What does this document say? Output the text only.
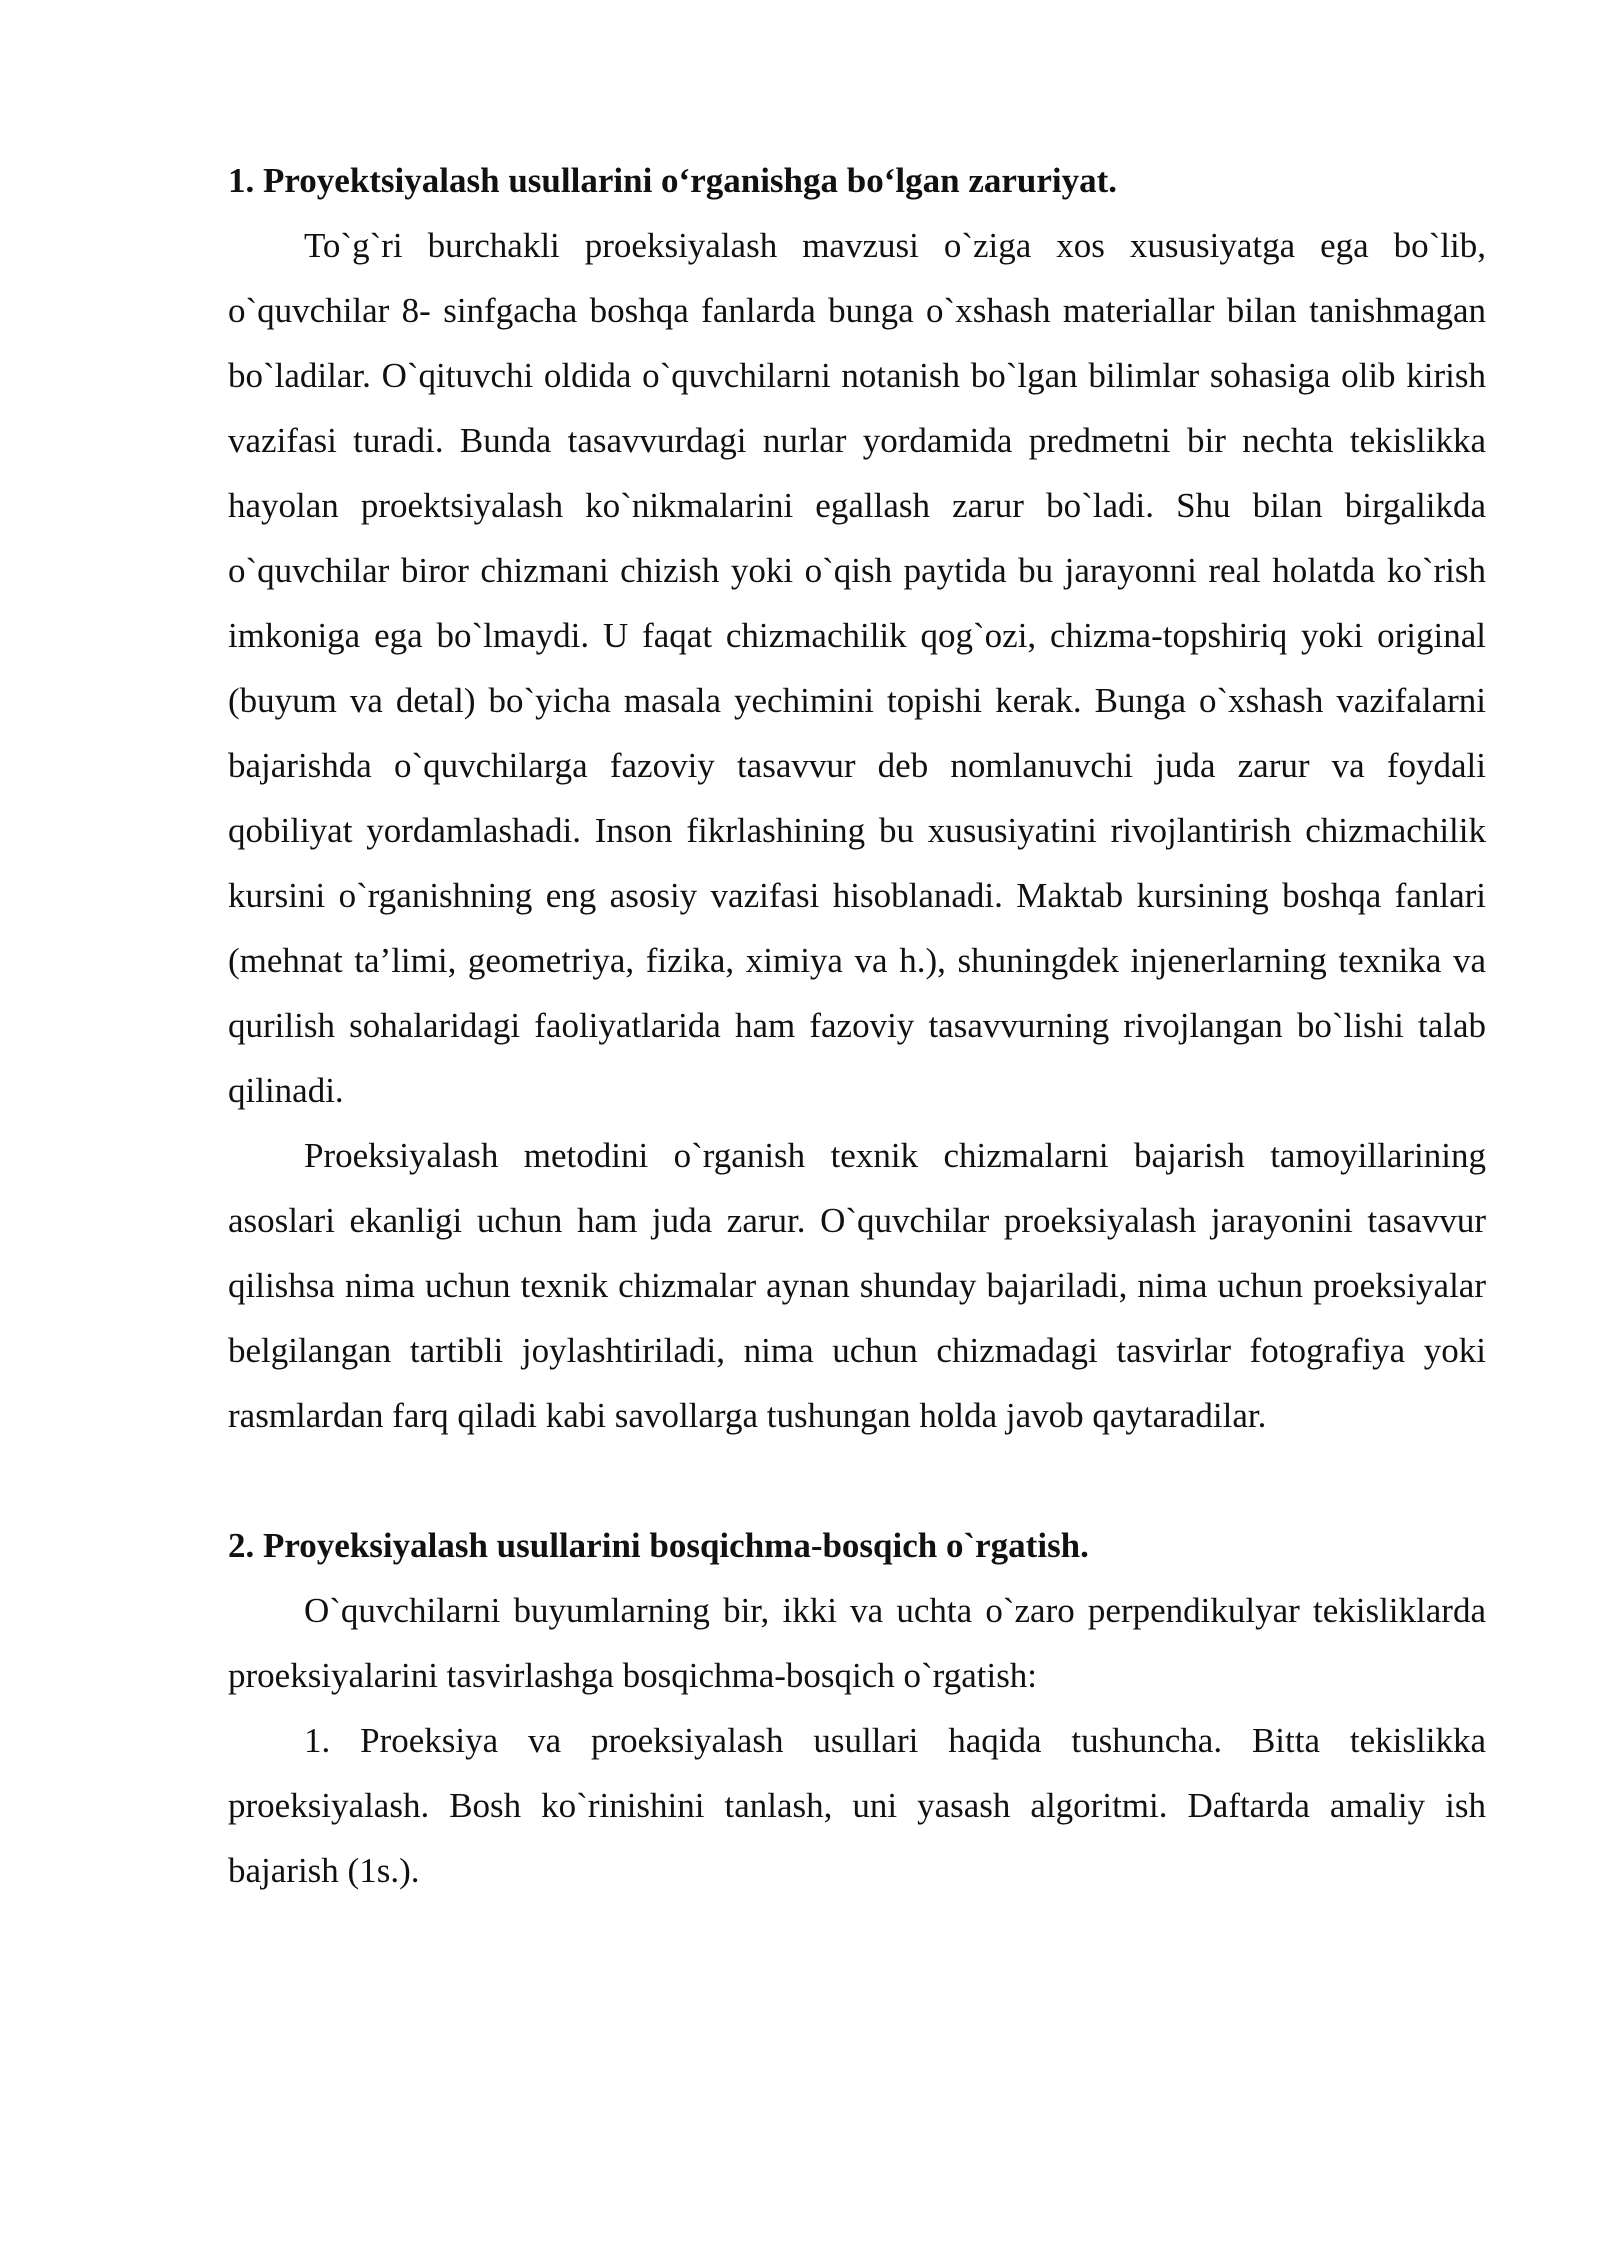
1. Proyektsiyalash usullarini o‘rganishga bo‘lgan zaruriyat.

To`g`ri burchakli proeksiyalash mavzusi o`ziga xos xususiyatga ega bo`lib, o`quvchilar 8- sinfgacha boshqa fanlarda bunga o`xshash materiallar bilan tanishmagan bo`ladilar. O`qituvchi oldida o`quvchilarni notanish bo`lgan bilimlar sohasiga olib kirish vazifasi turadi. Bunda tasavvurdagi nurlar yordamida predmetni bir nechta tekislikka hayolan proektsiyalash ko`nikmalarini egallash zarur bo`ladi. Shu bilan birgalikda o`quvchilar biror chizmani chizish yoki o`qish paytida bu jarayonni real holatda ko`rish imkoniga ega bo`lmaydi. U faqat chizmachilik qog`ozi, chizma-topshiriq yoki original (buyum va detal) bo`yicha masala yechimini topishi kerak. Bunga o`xshash vazifalarni bajarishda o`quvchilarga fazoviy tasavvur deb nomlanuvchi juda zarur va foydali qobiliyat yordamlashadi. Inson fikrlashining bu xususiyatini rivojlantirish chizmachilik kursini o`rganishning eng asosiy vazifasi hisoblanadi. Maktab kursining boshqa fanlari (mehnat ta’limi, geometriya, fizika, ximiya va h.), shuningdek injenerlarning texnika va qurilish sohalaridagi faoliyatlarida ham fazoviy tasavvurning rivojlangan bo`lishi talab qilinadi.

Proeksiyalash metodini o`rganish texnik chizmalarni bajarish tamoyillarining asoslari ekanligi uchun ham juda zarur. O`quvchilar proeksiyalash jarayonini tasavvur qilishsa nima uchun texnik chizmalar aynan shunday bajariladi, nima uchun proeksiyalar belgilangan tartibli joylashtiriladi, nima uchun chizmadagi tasvirlar fotografiya yoki rasmlardan farq qiladi kabi savollarga tushungan holda javob qaytaradilar.

2. Proyeksiyalash usullarini bosqichma-bosqich o`rgatish.

O`quvchilarni buyumlarning bir, ikki va uchta o`zaro perpendikulyar tekisliklarda proeksiyalarini tasvirlashga bosqichma-bosqich o`rgatish:

1. Proeksiya va proeksiyalash usullari haqida tushuncha. Bitta tekislikka proeksiyalash. Bosh ko`rinishini tanlash, uni yasash algoritmi. Daftarda amaliy ish bajarish (1s.).
